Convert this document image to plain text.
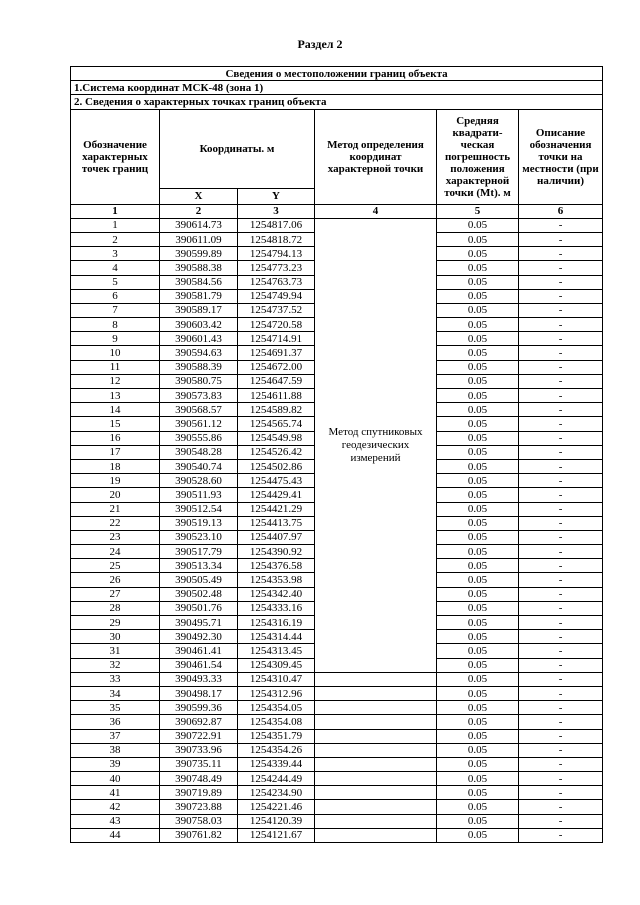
Раздел 2
Сведения о местоположении границ объекта					
1.Система координат МСК-48 (зона 1)					
2. Сведения о характерных точках границ объекта					
Обозначение характерных точек границ	Координаты. м		Метод определения координат характерной точки	Средняя квадрати-ческая погрешность положения характерной точки (Mt). м	Описание обозначения точки на местности (при наличии)
	X	Y			
1	2	3	4	5	6
1	390614.73	1254817.06	Метод спутниковых геодезических измерений	0.05	-
2	390611.09	1254818.72		0.05	-
3	390599.89	1254794.13		0.05	-
4	390588.38	1254773.23		0.05	-
5	390584.56	1254763.73		0.05	-
6	390581.79	1254749.94		0.05	-
7	390589.17	1254737.52		0.05	-
8	390603.42	1254720.58		0.05	-
9	390601.43	1254714.91		0.05	-
10	390594.63	1254691.37		0.05	-
11	390588.39	1254672.00		0.05	-
12	390580.75	1254647.59		0.05	-
13	390573.83	1254611.88		0.05	-
14	390568.57	1254589.82		0.05	-
15	390561.12	1254565.74		0.05	-
16	390555.86	1254549.98		0.05	-
17	390548.28	1254526.42		0.05	-
18	390540.74	1254502.86		0.05	-
19	390528.60	1254475.43		0.05	-
20	390511.93	1254429.41		0.05	-
21	390512.54	1254421.29		0.05	-
22	390519.13	1254413.75		0.05	-
23	390523.10	1254407.97		0.05	-
24	390517.79	1254390.92		0.05	-
25	390513.34	1254376.58		0.05	-
26	390505.49	1254353.98		0.05	-
27	390502.48	1254342.40		0.05	-
28	390501.76	1254333.16		0.05	-
29	390495.71	1254316.19		0.05	-
30	390492.30	1254314.44		0.05	-
31	390461.41	1254313.45		0.05	-
32	390461.54	1254309.45		0.05	-
33	390493.33	1254310.47		0.05	-
34	390498.17	1254312.96		0.05	-
35	390599.36	1254354.05		0.05	-
36	390692.87	1254354.08		0.05	-
37	390722.91	1254351.79		0.05	-
38	390733.96	1254354.26		0.05	-
39	390735.11	1254339.44		0.05	-
40	390748.49	1254244.49		0.05	-
41	390719.89	1254234.90		0.05	-
42	390723.88	1254221.46		0.05	-
43	390758.03	1254120.39		0.05	-
44	390761.82	1254121.67		0.05	-
